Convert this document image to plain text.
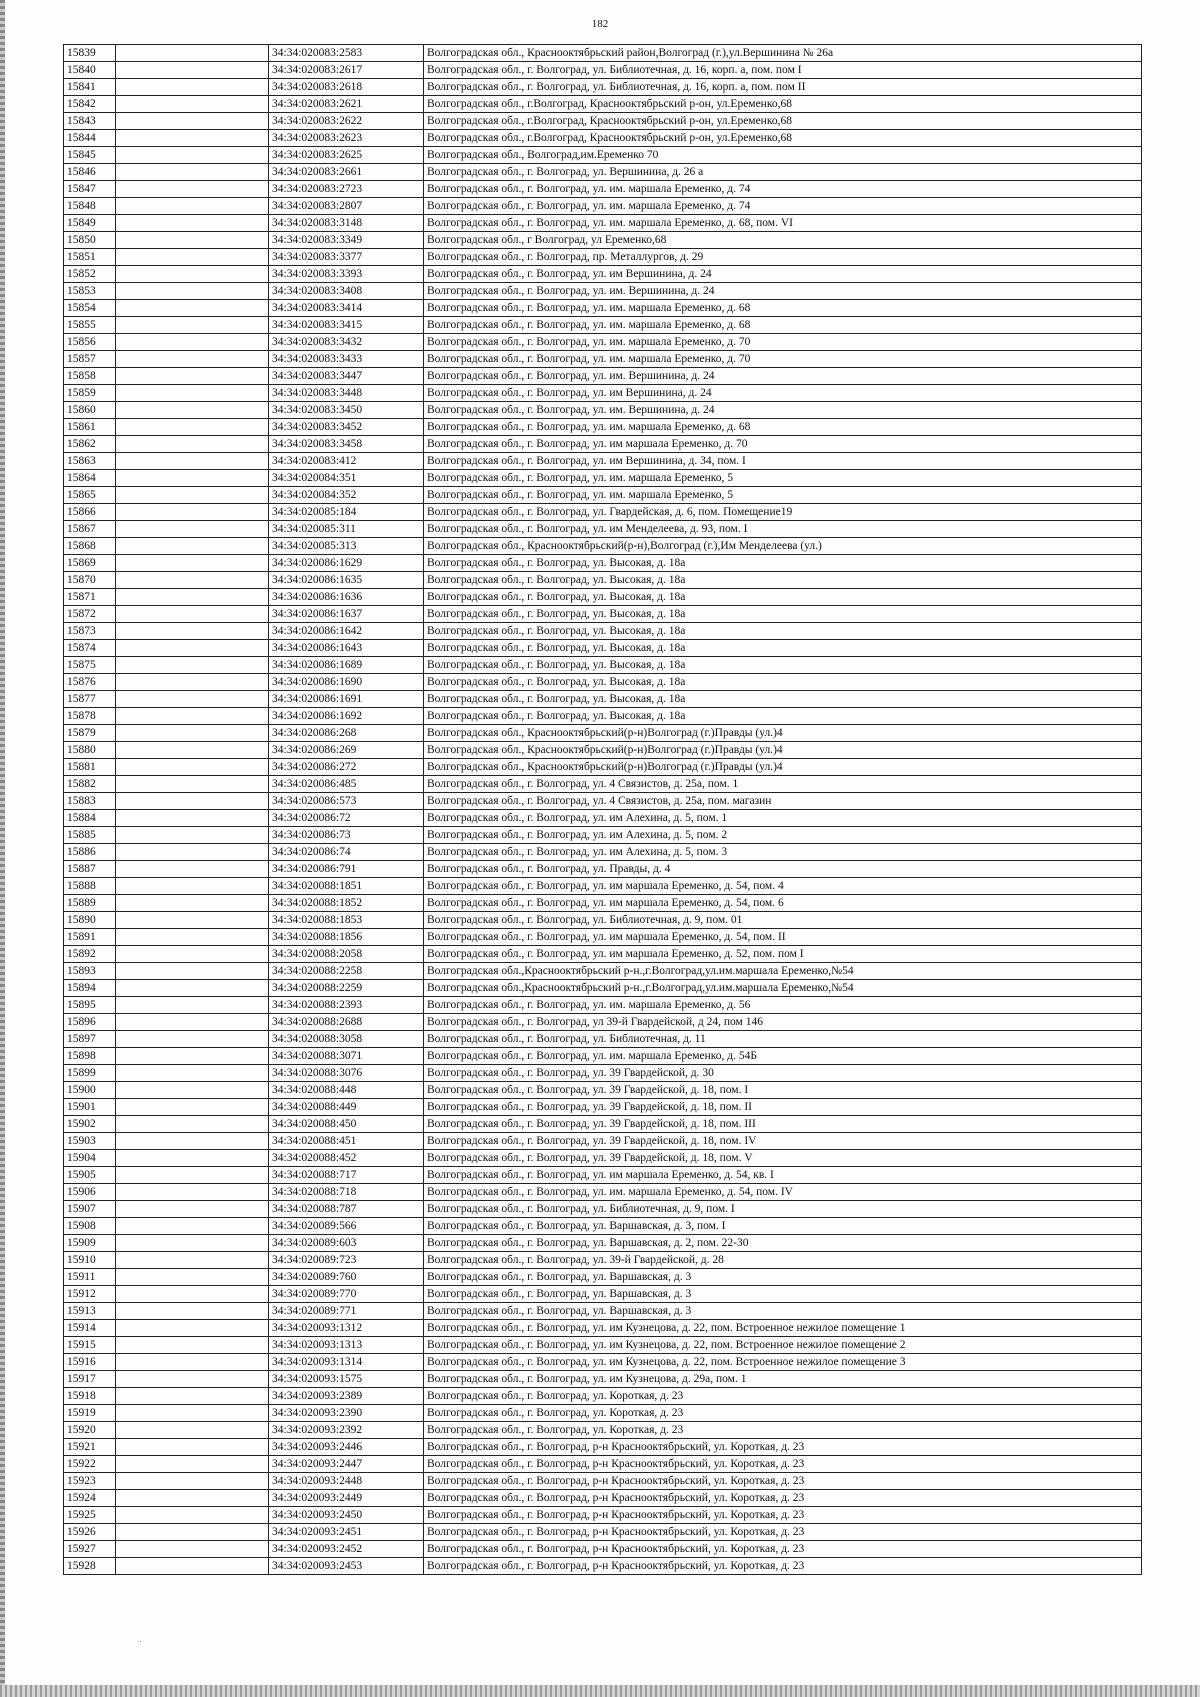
182
15839		34:34:020083:2583	Волгоградская обл., Краснооктябрьский район,Волгоград (г.),ул.Вершинина № 26а
15840		34:34:020083:2617	Волгоградская обл., г. Волгоград, ул. Библиотечная, д. 16, корп. а, пом. пом I
15841		34:34:020083:2618	Волгоградская обл., г. Волгоград, ул. Библиотечная, д. 16, корп. а, пом. пом II
15842		34:34:020083:2621	Волгоградская обл., г.Волгоград, Краснооктябрьский р-он, ул.Еременко,68
15843		34:34:020083:2622	Волгоградская обл., г.Волгоград, Краснооктябрьский р-он, ул.Еременко,68
15844		34:34:020083:2623	Волгоградская обл., г.Волгоград, Краснооктябрьский р-он, ул.Еременко,68
15845		34:34:020083:2625	Волгоградская обл., Волгоград,им.Еременко 70
15846		34:34:020083:2661	Волгоградская обл., г. Волгоград, ул. Вершинина, д. 26 а
15847		34:34:020083:2723	Волгоградская обл., г. Волгоград, ул. им. маршала Еременко, д. 74
15848		34:34:020083:2807	Волгоградская обл., г. Волгоград, ул. им. маршала Еременко, д. 74
15849		34:34:020083:3148	Волгоградская обл., г. Волгоград, ул. им. маршала Еременко, д. 68, пом. VI
15850		34:34:020083:3349	Волгоградская обл., г Волгоград, ул Еременко,68
15851		34:34:020083:3377	Волгоградская обл., г. Волгоград, пр. Металлургов, д. 29
15852		34:34:020083:3393	Волгоградская обл., г. Волгоград, ул. им Вершинина, д. 24
15853		34:34:020083:3408	Волгоградская обл., г. Волгоград, ул. им. Вершинина, д. 24
15854		34:34:020083:3414	Волгоградская обл., г. Волгоград, ул. им. маршала Еременко, д. 68
15855		34:34:020083:3415	Волгоградская обл., г. Волгоград, ул. им. маршала Еременко, д. 68
15856		34:34:020083:3432	Волгоградская обл., г. Волгоград, ул. им. маршала Еременко, д. 70
15857		34:34:020083:3433	Волгоградская обл., г. Волгоград, ул. им. маршала Еременко, д. 70
15858		34:34:020083:3447	Волгоградская обл., г. Волгоград, ул. им. Вершинина, д. 24
15859		34:34:020083:3448	Волгоградская обл., г. Волгоград, ул. им Вершинина, д. 24
15860		34:34:020083:3450	Волгоградская обл., г. Волгоград, ул. им. Вершинина, д. 24
15861		34:34:020083:3452	Волгоградская обл., г. Волгоград, ул. им. маршала Еременко, д. 68
15862		34:34:020083:3458	Волгоградская обл., г. Волгоград, ул. им маршала Еременко, д. 70
15863		34:34:020083:412	Волгоградская обл., г. Волгоград, ул. им Вершинина, д. 34, пом. I
15864		34:34:020084:351	Волгоградская обл., г. Волгоград, ул. им. маршала Еременко, 5
15865		34:34:020084:352	Волгоградская обл., г. Волгоград, ул. им. маршала Еременко, 5
15866		34:34:020085:184	Волгоградская обл., г. Волгоград, ул. Гвардейская, д. 6, пом. Помещение19
15867		34:34:020085:311	Волгоградская обл., г. Волгоград, ул. им Менделеева, д. 93, пом. I
15868		34:34:020085:313	Волгоградская обл., Краснооктябрьский(р-н),Волгоград (г.),Им Менделеева (ул.)
15869		34:34:020086:1629	Волгоградская обл., г. Волгоград, ул. Высокая, д. 18а
15870		34:34:020086:1635	Волгоградская обл., г. Волгоград, ул. Высокая, д. 18а
15871		34:34:020086:1636	Волгоградская обл., г. Волгоград, ул. Высокая, д. 18а
15872		34:34:020086:1637	Волгоградская обл., г. Волгоград, ул. Высокая, д. 18а
15873		34:34:020086:1642	Волгоградская обл., г. Волгоград, ул. Высокая, д. 18а
15874		34:34:020086:1643	Волгоградская обл., г. Волгоград, ул. Высокая, д. 18а
15875		34:34:020086:1689	Волгоградская обл., г. Волгоград, ул. Высокая, д. 18а
15876		34:34:020086:1690	Волгоградская обл., г. Волгоград, ул. Высокая, д. 18а
15877		34:34:020086:1691	Волгоградская обл., г. Волгоград, ул. Высокая, д. 18а
15878		34:34:020086:1692	Волгоградская обл., г. Волгоград, ул. Высокая, д. 18а
15879		34:34:020086:268	Волгоградская обл., Краснооктябрьский(р-н)Волгоград (г.)Правды (ул.)4
15880		34:34:020086:269	Волгоградская обл., Краснооктябрьский(р-н)Волгоград (г.)Правды (ул.)4
15881		34:34:020086:272	Волгоградская обл., Краснооктябрьский(р-н)Волгоград (г.)Правды (ул.)4
15882		34:34:020086:485	Волгоградская обл., г. Волгоград, ул. 4 Связистов, д. 25а, пом. 1
15883		34:34:020086:573	Волгоградская обл., г. Волгоград, ул. 4 Связистов, д. 25а, пом. магазин
15884		34:34:020086:72	Волгоградская обл., г. Волгоград, ул. им Алехина, д. 5, пом. 1
15885		34:34:020086:73	Волгоградская обл., г. Волгоград, ул. им Алехина, д. 5, пом. 2
15886		34:34:020086:74	Волгоградская обл., г. Волгоград, ул. им Алехина, д. 5, пом. 3
15887		34:34:020086:791	Волгоградская обл., г. Волгоград, ул. Правды, д. 4
15888		34:34:020088:1851	Волгоградская обл., г. Волгоград, ул. им маршала Еременко, д. 54, пом. 4
15889		34:34:020088:1852	Волгоградская обл., г. Волгоград, ул. им маршала Еременко, д. 54, пом. 6
15890		34:34:020088:1853	Волгоградская обл., г. Волгоград, ул. Библиотечная, д. 9, пом. 01
15891		34:34:020088:1856	Волгоградская обл., г. Волгоград, ул. им маршала Еременко, д. 54, пом. II
15892		34:34:020088:2058	Волгоградская обл., г. Волгоград, ул. им маршала Еременко, д. 52, пом. пом I
15893		34:34:020088:2258	Волгоградская обл.,Краснооктябрьский р-н.,г.Волгоград,ул.им.маршала Еременко,№54
15894		34:34:020088:2259	Волгоградская обл.,Краснооктябрьский р-н.,г.Волгоград,ул.им.маршала Еременко,№54
15895		34:34:020088:2393	Волгоградская обл., г. Волгоград, ул. им. маршала Еременко, д. 56
15896		34:34:020088:2688	Волгоградская обл., г. Волгоград, ул 39-й Гвардейской, д 24, пом 146
15897		34:34:020088:3058	Волгоградская обл., г. Волгоград, ул. Библиотечная, д. 11
15898		34:34:020088:3071	Волгоградская обл., г. Волгоград, ул. им. маршала Еременко, д. 54Б
15899		34:34:020088:3076	Волгоградская обл., г. Волгоград, ул. 39 Гвардейской, д. 30
15900		34:34:020088:448	Волгоградская обл., г. Волгоград, ул. 39 Гвардейской, д. 18, пом. I
15901		34:34:020088:449	Волгоградская обл., г. Волгоград, ул. 39 Гвардейской, д. 18, пом. II
15902		34:34:020088:450	Волгоградская обл., г. Волгоград, ул. 39 Гвардейской, д. 18, пом. III
15903		34:34:020088:451	Волгоградская обл., г. Волгоград, ул. 39 Гвардейской, д. 18, пом. IV
15904		34:34:020088:452	Волгоградская обл., г. Волгоград, ул. 39 Гвардейской, д. 18, пом. V
15905		34:34:020088:717	Волгоградская обл., г. Волгоград, ул. им маршала Еременко, д. 54, кв. I
15906		34:34:020088:718	Волгоградская обл., г. Волгоград, ул. им. маршала Еременко, д. 54, пом. IV
15907		34:34:020088:787	Волгоградская обл., г. Волгоград, ул. Библиотечная, д. 9, пом. I
15908		34:34:020089:566	Волгоградская обл., г. Волгоград, ул. Варшавская, д. 3, пом. I
15909		34:34:020089:603	Волгоградская обл., г. Волгоград, ул. Варшавская, д. 2, пом. 22-30
15910		34:34:020089:723	Волгоградская обл., г. Волгоград, ул. 39-й Гвардейской, д. 28
15911		34:34:020089:760	Волгоградская обл., г. Волгоград, ул. Варшавская, д. 3
15912		34:34:020089:770	Волгоградская обл., г. Волгоград, ул. Варшавская, д. 3
15913		34:34:020089:771	Волгоградская обл., г. Волгоград, ул. Варшавская, д. 3
15914		34:34:020093:1312	Волгоградская обл., г. Волгоград, ул. им Кузнецова, д. 22, пом. Встроенное нежилое помещение 1
15915		34:34:020093:1313	Волгоградская обл., г. Волгоград, ул. им Кузнецова, д. 22, пом. Встроенное нежилое помещение 2
15916		34:34:020093:1314	Волгоградская обл., г. Волгоград, ул. им Кузнецова, д. 22, пом. Встроенное нежилое помещение 3
15917		34:34:020093:1575	Волгоградская обл., г. Волгоград, ул. им Кузнецова, д. 29а, пом. 1
15918		34:34:020093:2389	Волгоградская обл., г. Волгоград, ул. Короткая, д. 23
15919		34:34:020093:2390	Волгоградская обл., г. Волгоград, ул. Короткая, д. 23
15920		34:34:020093:2392	Волгоградская обл., г. Волгоград, ул. Короткая, д. 23
15921		34:34:020093:2446	Волгоградская обл., г. Волгоград, р-н Краснооктябрьский, ул. Короткая, д. 23
15922		34:34:020093:2447	Волгоградская обл., г. Волгоград, р-н Краснооктябрьский, ул. Короткая, д. 23
15923		34:34:020093:2448	Волгоградская обл., г. Волгоград, р-н Краснооктябрьский, ул. Короткая, д. 23
15924		34:34:020093:2449	Волгоградская обл., г. Волгоград, р-н Краснооктябрьский, ул. Короткая, д. 23
15925		34:34:020093:2450	Волгоградская обл., г. Волгоград, р-н Краснооктябрьский, ул. Короткая, д. 23
15926		34:34:020093:2451	Волгоградская обл., г. Волгоград, р-н Краснооктябрьский, ул. Короткая, д. 23
15927		34:34:020093:2452	Волгоградская обл., г. Волгоград, р-н Краснооктябрьский, ул. Короткая, д. 23
15928		34:34:020093:2453	Волгоградская обл., г. Волгоград, р-н Краснооктябрьский, ул. Короткая, д. 23
